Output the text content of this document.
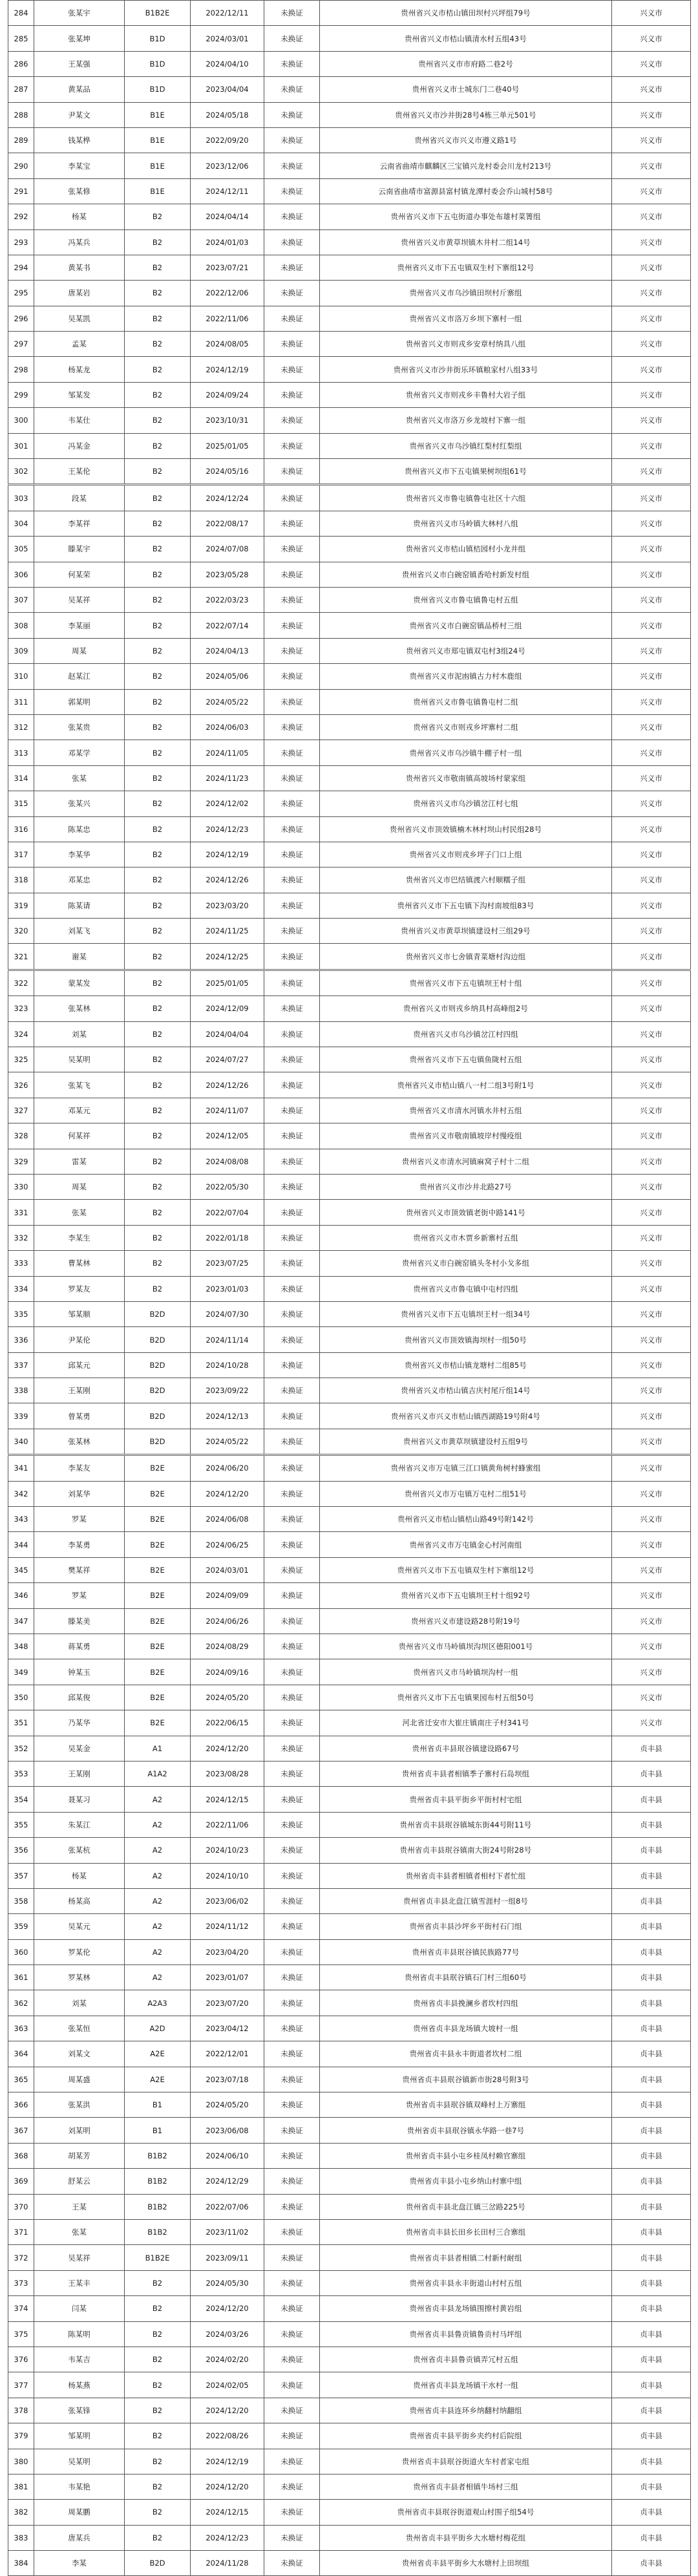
284	张某宇	B1B2E	2022/12/11	未换证	贵州省兴义市桔山镇田坝村兴坪组79号	兴义市
285	张某坤	B1D	2024/03/01	未换证	贵州省兴义市桔山镇清水村五组43号	兴义市
286	王某强	B1D	2024/04/10	未换证	贵州省兴义市市府路二巷2号	兴义市
287	黄某品	B1D	2023/04/04	未换证	贵州省兴义市士城东门二巷40号	兴义市
288	尹某文	B1E	2024/05/18	未换证	贵州省兴义市沙井街28号4栋三单元501号	兴义市
289	钱某桦	B1E	2022/09/20	未换证	贵州省兴义市兴义市遵义路1号	兴义市
290	李某宝	B1E	2023/12/06	未换证	云南省曲靖市麒麟区三宝镇兴龙村委会川龙村213号	兴义市
291	张某修	B1E	2024/12/11	未换证	云南省曲靖市富源县富村镇龙潭村委会乔山城村58号	兴义市
292	杨某	B2	2024/04/14	未换证	贵州省兴义市下五屯街道办事处布雄村菜箐组	兴义市
293	冯某兵	B2	2024/01/03	未换证	贵州省兴义市黄草坝镇木井村二组14号	兴义市
294	黄某书	B2	2023/07/21	未换证	贵州省兴义市下五屯镇双生村下寨组12号	兴义市
295	唐某岩	B2	2022/12/06	未换证	贵州省兴义市乌沙镇田坝村斤寨组	兴义市
296	吴某凯	B2	2022/11/06	未换证	贵州省兴义市洛万乡坝下寨村一组	兴义市
297	孟某	B2	2024/08/05	未换证	贵州省兴义市则戎乡安章村纳具八组	兴义市
298	杨某龙	B2	2024/12/19	未换证	贵州省兴义市沙井街乐环镇粮家村八组33号	兴义市
299	邹某发	B2	2024/09/24	未换证	贵州省兴义市则戎乡丰鲁村大岩子组	兴义市
300	韦某仕	B2	2023/10/31	未换证	贵州省兴义市洛万乡龙坡村下寨一组	兴义市
301	冯某金	B2	2025/01/05	未换证	贵州省兴义市乌沙镇红梨村红梨组	兴义市
302	王某伦	B2	2024/05/16	未换证	贵州省兴义市下五屯镇果树坝组61号	兴义市
303	段某	B2	2024/12/24	未换证	贵州省兴义市鲁屯镇鲁屯社区十六组	兴义市
304	李某祥	B2	2022/08/17	未换证	贵州省兴义市马岭镇大林村八组	兴义市
305	滕某宇	B2	2024/07/08	未换证	贵州省兴义市桔山镇桔园村小龙井组	兴义市
306	何某荣	B2	2023/05/28	未换证	贵州省兴义市白碗窑镇香哈村新发村组	兴义市
307	吴某祥	B2	2022/03/23	未换证	贵州省兴义市鲁屯镇鲁屯村五组	兴义市
308	李某丽	B2	2022/07/14	未换证	贵州省兴义市白碗窑镇品桥村三组	兴义市
309	周某	B2	2024/04/13	未换证	贵州省兴义市郑屯镇双屯村3组24号	兴义市
310	赵某江	B2	2024/05/06	未换证	贵州省兴义市泥凼镇古力村木鹿组	兴义市
311	郭某明	B2	2024/05/22	未换证	贵州省兴义市鲁屯镇鲁屯村二组	兴义市
312	张某贵	B2	2024/06/03	未换证	贵州省兴义市则戎乡坪寨村二组	兴义市
313	邓某学	B2	2024/11/05	未换证	贵州省兴义市乌沙镇牛棚子村一组	兴义市
314	张某	B2	2024/11/23	未换证	贵州省兴义市敬南镇高坡场村蒙家组	兴义市
315	张某兴	B2	2024/12/02	未换证	贵州省兴义市乌沙镇岔江村七组	兴义市
316	陈某忠	B2	2024/12/23	未换证	贵州省兴义市顶效镇楠木林村坝山村民组28号	兴义市
317	李某华	B2	2024/12/19	未换证	贵州省兴义市则戎乡坪子门口上组	兴义市
318	邓某忠	B2	2024/12/26	未换证	贵州省兴义市巴结镇渡六村顺糯子组	兴义市
319	陈某请	B2	2023/03/20	未换证	贵州省兴义市下五屯镇下沟村南坡组83号	兴义市
320	刘某飞	B2	2024/11/25	未换证	贵州省兴义市黄草坝镇建设村三组29号	兴义市
321	谢某	B2	2024/12/25	未换证	贵州省兴义市七舍镇青菜塘村沟边组	兴义市
322	蒙某发	B2	2025/01/05	未换证	贵州省兴义市下五屯镇坝王村十组	兴义市
323	张某林	B2	2024/12/09	未换证	贵州省兴义市则戎乡纳具村高峰组2号	兴义市
324	刘某	B2	2024/04/04	未换证	贵州省兴义市乌沙镇岔江村四组	兴义市
325	吴某明	B2	2024/07/27	未换证	贵州省兴义市下五屯镇鱼陇村五组	兴义市
326	张某飞	B2	2024/12/26	未换证	贵州省兴义市桔山镇八一村二组3号附1号	兴义市
327	邓某元	B2	2024/11/07	未换证	贵州省兴义市清水河镇水井村五组	兴义市
328	何某祥	B2	2024/12/05	未换证	贵州省兴义市敬南镇坡岸村慢疫组	兴义市
329	雷某	B2	2024/08/08	未换证	贵州省兴义市清水河镇麻窝子村十二组	兴义市
330	周某	B2	2022/05/30	未换证	贵州省兴义市沙井北路27号	兴义市
331	张某	B2	2022/07/04	未换证	贵州省兴义市顶效镇老街中路141号	兴义市
332	李某生	B2	2022/01/18	未换证	贵州省兴义市木贾乡新寨村五组	兴义市
333	曹某林	B2	2023/07/25	未换证	贵州省兴义市白碗窑镇头冬村小戈多组	兴义市
334	罗某友	B2	2023/01/03	未换证	贵州省兴义市鲁屯镇中屯村四组	兴义市
335	邹某顺	B2D	2024/07/30	未换证	贵州省兴义市下五屯镇坝王村一组34号	兴义市
336	尹某伦	B2D	2024/11/14	未换证	贵州省兴义市顶效镇海坝村一组50号	兴义市
337	邱某元	B2D	2024/10/28	未换证	贵州省兴义市桔山镇龙塘村二组85号	兴义市
338	王某刚	B2D	2023/09/22	未换证	贵州省兴义市桔山镇吉庆村尾斤组14号	兴义市
339	曾某勇	B2D	2024/12/13	未换证	贵州省兴义市兴义市桔山镇西湖路19号附4号	兴义市
340	张某林	B2D	2024/05/22	未换证	贵州省兴义市黄草坝镇建设村五组9号	兴义市
341	李某友	B2E	2024/06/20	未换证	贵州省兴义市万屯镇三江口镇黄角树村蜂蜜组	兴义市
342	刘某华	B2E	2024/12/20	未换证	贵州省兴义市万屯镇万屯村二组51号	兴义市
343	罗某	B2E	2024/06/08	未换证	贵州省兴义市桔山镇桔山路49号附142号	兴义市
344	李某勇	B2E	2024/06/25	未换证	贵州省兴义市万屯镇金心村河南组	兴义市
345	樊某祥	B2E	2024/03/01	未换证	贵州省兴义市下五屯镇双生村下寨组12号	兴义市
346	罗某	B2E	2024/09/09	未换证	贵州省兴义市下五屯镇坝王村十组92号	兴义市
347	滕某美	B2E	2024/06/26	未换证	贵州省兴义市建设路28号附19号	兴义市
348	蒋某勇	B2E	2024/08/29	未换证	贵州省兴义市马岭镇坝沟坝区德阳001号	兴义市
349	钟某玉	B2E	2024/09/16	未换证	贵州省兴义市马岭镇坝沟村一组	兴义市
350	邱某俊	B2E	2024/05/20	未换证	贵州省兴义市下五屯镇果园布村五组50号	兴义市
351	乃某华	B2E	2022/06/15	未换证	河北省迁安市大崔庄镇南庄子村341号	兴义市
352	吴某金	A1	2024/12/20	未换证	贵州省贞丰县珉谷镇建设路67号	贞丰县
353	王某刚	A1A2	2023/08/28	未换证	贵州省贞丰县者相镇季子寨村石岛坝组	贞丰县
354	聂某习	A2	2024/12/15	未换证	贵州省贞丰县平街乡平街村村宅组	贞丰县
355	朱某江	A2	2022/11/06	未换证	贵州省贞丰县珉谷镇城东街44号附11号	贞丰县
356	张某杭	A2	2024/10/23	未换证	贵州省贞丰县珉谷镇南大街24号附28号	贞丰县
357	杨某	A2	2024/10/10	未换证	贵州省贞丰县者相镇者相村下者忙组	贞丰县
358	杨某高	A2	2023/06/02	未换证	贵州省贞丰县北盘江镇雪涯村一组8号	贞丰县
359	吴某元	A2	2024/11/12	未换证	贵州省贞丰县沙坪乡平街村石门组	贞丰县
360	罗某伦	A2	2023/04/20	未换证	贵州省贞丰县珉谷镇民族路77号	贞丰县
361	罗某林	A2	2023/01/07	未换证	贵州省贞丰县珉谷镇石门村三组60号	贞丰县
362	刘某	A2A3	2023/07/20	未换证	贵州省贞丰县挽澜乡者坎村四组	贞丰县
363	张某恒	A2D	2023/04/12	未换证	贵州省贞丰县龙场镇大坡村一组	贞丰县
364	刘某文	A2E	2022/12/01	未换证	贵州省贞丰县永丰街道者坎村二组	贞丰县
365	周某盛	A2E	2023/07/18	未换证	贵州省贞丰县珉谷镇新市街28号附3号	贞丰县
366	张某洪	B1	2024/05/20	未换证	贵州省贞丰县珉谷镇双峰村上万寨组	贞丰县
367	刘某明	B1	2023/06/08	未换证	贵州省贞丰县珉谷镇永华路一巷7号	贞丰县
368	胡某芳	B1B2	2024/06/10	未换证	贵州省贞丰县小屯乡桂凤村赖官寨组	贞丰县
369	舒某云	B1B2	2024/12/29	未换证	贵州省贞丰县小屯乡纳山村寨中组	贞丰县
370	王某	B1B2	2022/07/06	未换证	贵州省贞丰县北盘江镇三岔路225号	贞丰县
371	张某	B1B2	2023/11/02	未换证	贵州省贞丰县长田乡长田村三合寨组	贞丰县
372	吴某祥	B1B2E	2023/09/11	未换证	贵州省贞丰县者相镇二村新村耐组	贞丰县
373	王某丰	B2	2024/05/30	未换证	贵州省贞丰县永丰街道山村村五组	贞丰县
374	闫某	B2	2024/12/20	未换证	贵州省贞丰县龙场镇围擦村黄岩组	贞丰县
375	陈某明	B2	2024/03/26	未换证	贵州省贞丰县鲁贡镇鲁贡村马坪组	贞丰县
376	韦某吉	B2	2024/02/20	未换证	贵州省贞丰县鲁贡镇弄冗村五组	贞丰县
377	杨某燕	B2	2024/02/05	未换证	贵州省贞丰县龙场镇干水村一组	贞丰县
378	张某锋	B2	2024/12/20	未换证	贵州省贞丰县连环乡纳翻村纳翻组	贞丰县
379	邹某明	B2	2022/08/26	未换证	贵州省贞丰县平街乡夹约村后院组	贞丰县
380	吴某明	B2	2024/12/19	未换证	贵州省贞丰县珉谷街道火车村者家屯组	贞丰县
381	韦某艳	B2	2024/12/20	未换证	贵州省贞丰县者相镇牛场村三组	贞丰县
382	周某鹏	B2	2024/12/15	未换证	贵州省贞丰县珉谷街道观山村围子组54号	贞丰县
383	唐某兵	B2	2024/12/23	未换证	贵州省贞丰县平街乡大水塘村梅花组	贞丰县
384	李某	B2D	2024/11/28	未换证	贵州省贞丰县平街乡大水塘村上田坝组	贞丰县
